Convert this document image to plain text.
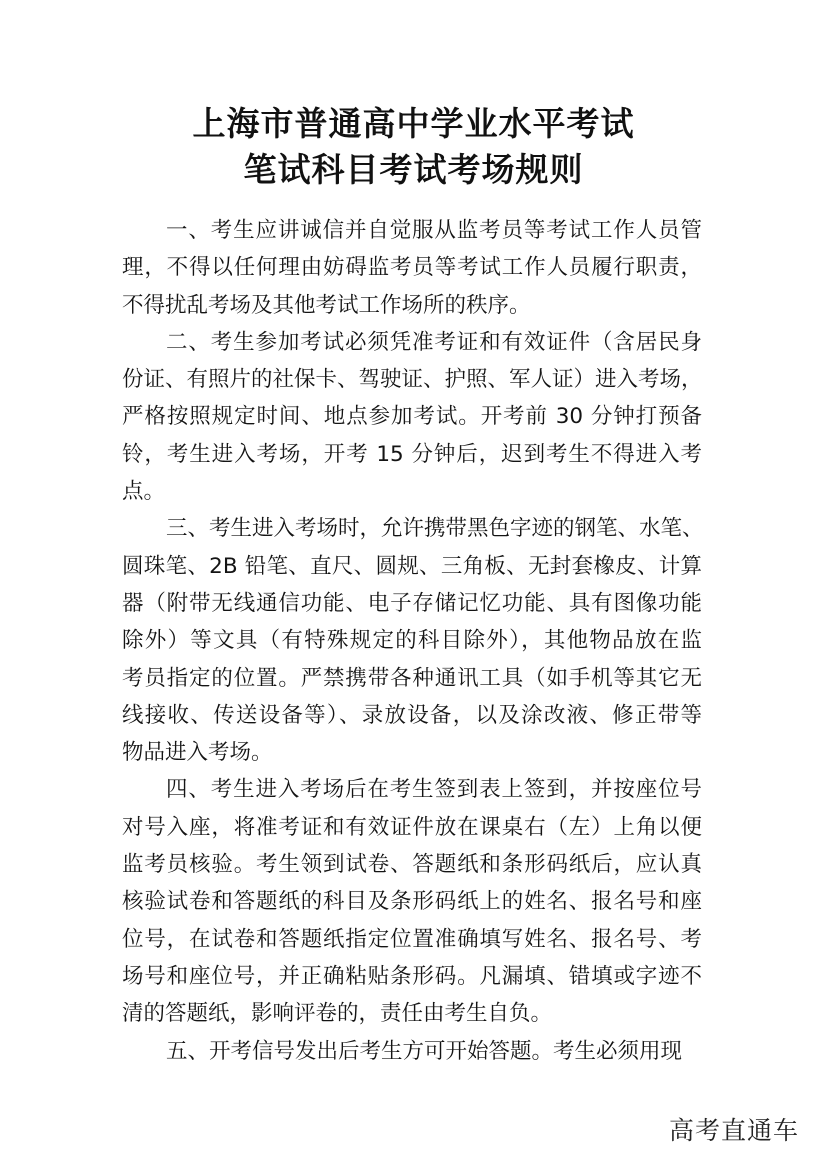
上海市普通高中学业水平考试
笔试科目考试考场规则
一、考生应讲诚信并自觉服从监考员等考试工作人员管
理，不得以任何理由妨碍监考员等考试工作人员履行职责，
不得扰乱考场及其他考试工作场所的秩序。
二、考生参加考试必须凭准考证和有效证件（含居民身
份证、有照片的社保卡、驾驶证、护照、军人证）进入考场，
严格按照规定时间、地点参加考试。开考前 30 分钟打预备
铃，考生进入考场，开考 15 分钟后，迟到考生不得进入考
点。
三、考生进入考场时，允许携带黑色字迹的钢笔、水笔、
圆珠笔、2B 铅笔、直尺、圆规、三角板、无封套橡皮、计算
器（附带无线通信功能、电子存储记忆功能、具有图像功能
除外）等文具（有特殊规定的科目除外），其他物品放在监
考员指定的位置。严禁携带各种通讯工具（如手机等其它无
线接收、传送设备等）、录放设备，以及涂改液、修正带等
物品进入考场。
四、考生进入考场后在考生签到表上签到，并按座位号
对号入座，将准考证和有效证件放在课桌右（左）上角以便
监考员核验。考生领到试卷、答题纸和条形码纸后，应认真
核验试卷和答题纸的科目及条形码纸上的姓名、报名号和座
位号，在试卷和答题纸指定位置准确填写姓名、报名号、考
场号和座位号，并正确粘贴条形码。凡漏填、错填或字迹不
清的答题纸，影响评卷的，责任由考生自负。
五、开考信号发出后考生方可开始答题。考生必须用现
高考直通车
